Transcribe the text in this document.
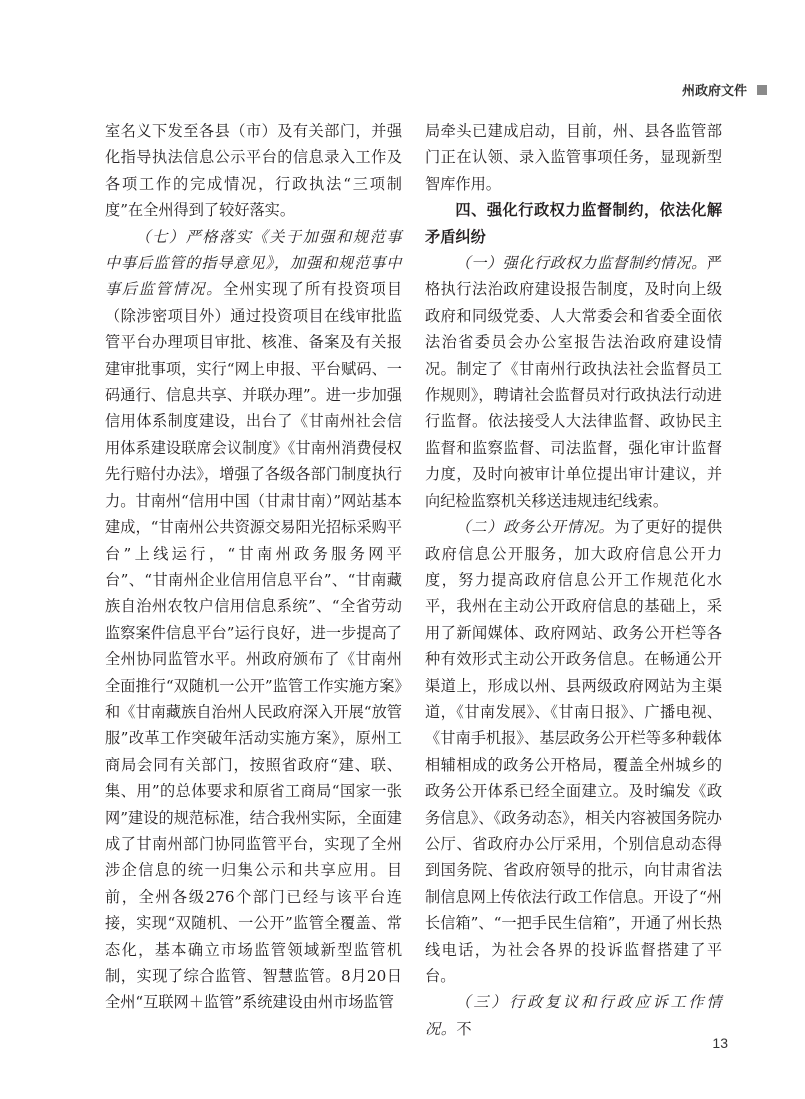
州政府文件

室名义下发至各县（市）及有关部门，并强化指导执法信息公示平台的信息录入工作及各项工作的完成情况，行政执法“三项制度”在全州得到了较好落实。

（七）严格落实《关于加强和规范事中事后监管的指导意见》，加强和规范事中事后监管情况。全州实现了所有投资项目（除涉密项目外）通过投资项目在线审批监管平台办理项目审批、核准、备案及有关报建审批事项，实行“网上申报、平台赋码、一码通行、信息共享、并联办理”。进一步加强信用体系制度建设，出台了《甘南州社会信用体系建设联席会议制度》《甘南州消费侵权先行赔付办法》，增强了各级各部门制度执行力。甘南州“信用中国（甘肃甘南）”网站基本建成，“甘南州公共资源交易阳光招标采购平台”上线运行，“甘南州政务服务网平台”、“甘南州企业信用信息平台”、“甘南藏族自治州农牧户信用信息系统”、“全省劳动监察案件信息平台”运行良好，进一步提高了全州协同监管水平。州政府颁布了《甘南州全面推行“双随机一公开”监管工作实施方案》和《甘南藏族自治州人民政府深入开展“放管服”改革工作突破年活动实施方案》，原州工商局会同有关部门，按照省政府“建、联、集、用”的总体要求和原省工商局“国家一张网”建设的规范标准，结合我州实际，全面建成了甘南州部门协同监管平台，实现了全州涉企信息的统一归集公示和共享应用。目前，全州各级276个部门已经与该平台连接，实现“双随机、一公开”监管全覆盖、常态化，基本确立市场监管领域新型监管机制，实现了综合监管、智慧监管。8月20日全州“互联网＋监管”系统建设由州市场监管

局牵头已建成启动，目前，州、县各监管部门正在认领、录入监管事项任务，显现新型智库作用。

四、强化行政权力监督制约，依法化解矛盾纠纷

（一）强化行政权力监督制约情况。严格执行法治政府建设报告制度，及时向上级政府和同级党委、人大常委会和省委全面依法治省委员会办公室报告法治政府建设情况。制定了《甘南州行政执法社会监督员工作规则》，聘请社会监督员对行政执法行动进行监督。依法接受人大法律监督、政协民主监督和监察监督、司法监督，强化审计监督力度，及时向被审计单位提出审计建议，并向纪检监察机关移送违规违纪线索。

（二）政务公开情况。为了更好的提供政府信息公开服务，加大政府信息公开力度，努力提高政府信息公开工作规范化水平，我州在主动公开政府信息的基础上，采用了新闻媒体、政府网站、政务公开栏等各种有效形式主动公开政务信息。在畅通公开渠道上，形成以州、县两级政府网站为主渠道，《甘南发展》、《甘南日报》、广播电视、《甘南手机报》、基层政务公开栏等多种载体相辅相成的政务公开格局，覆盖全州城乡的政务公开体系已经全面建立。及时编发《政务信息》、《政务动态》，相关内容被国务院办公厅、省政府办公厅采用，个别信息动态得到国务院、省政府领导的批示，向甘肃省法制信息网上传依法行政工作信息。开设了“州长信箱”、“一把手民生信箱”，开通了州长热线电话，为社会各界的投诉监督搭建了平台。

（三）行政复议和行政应诉工作情况。不

13
